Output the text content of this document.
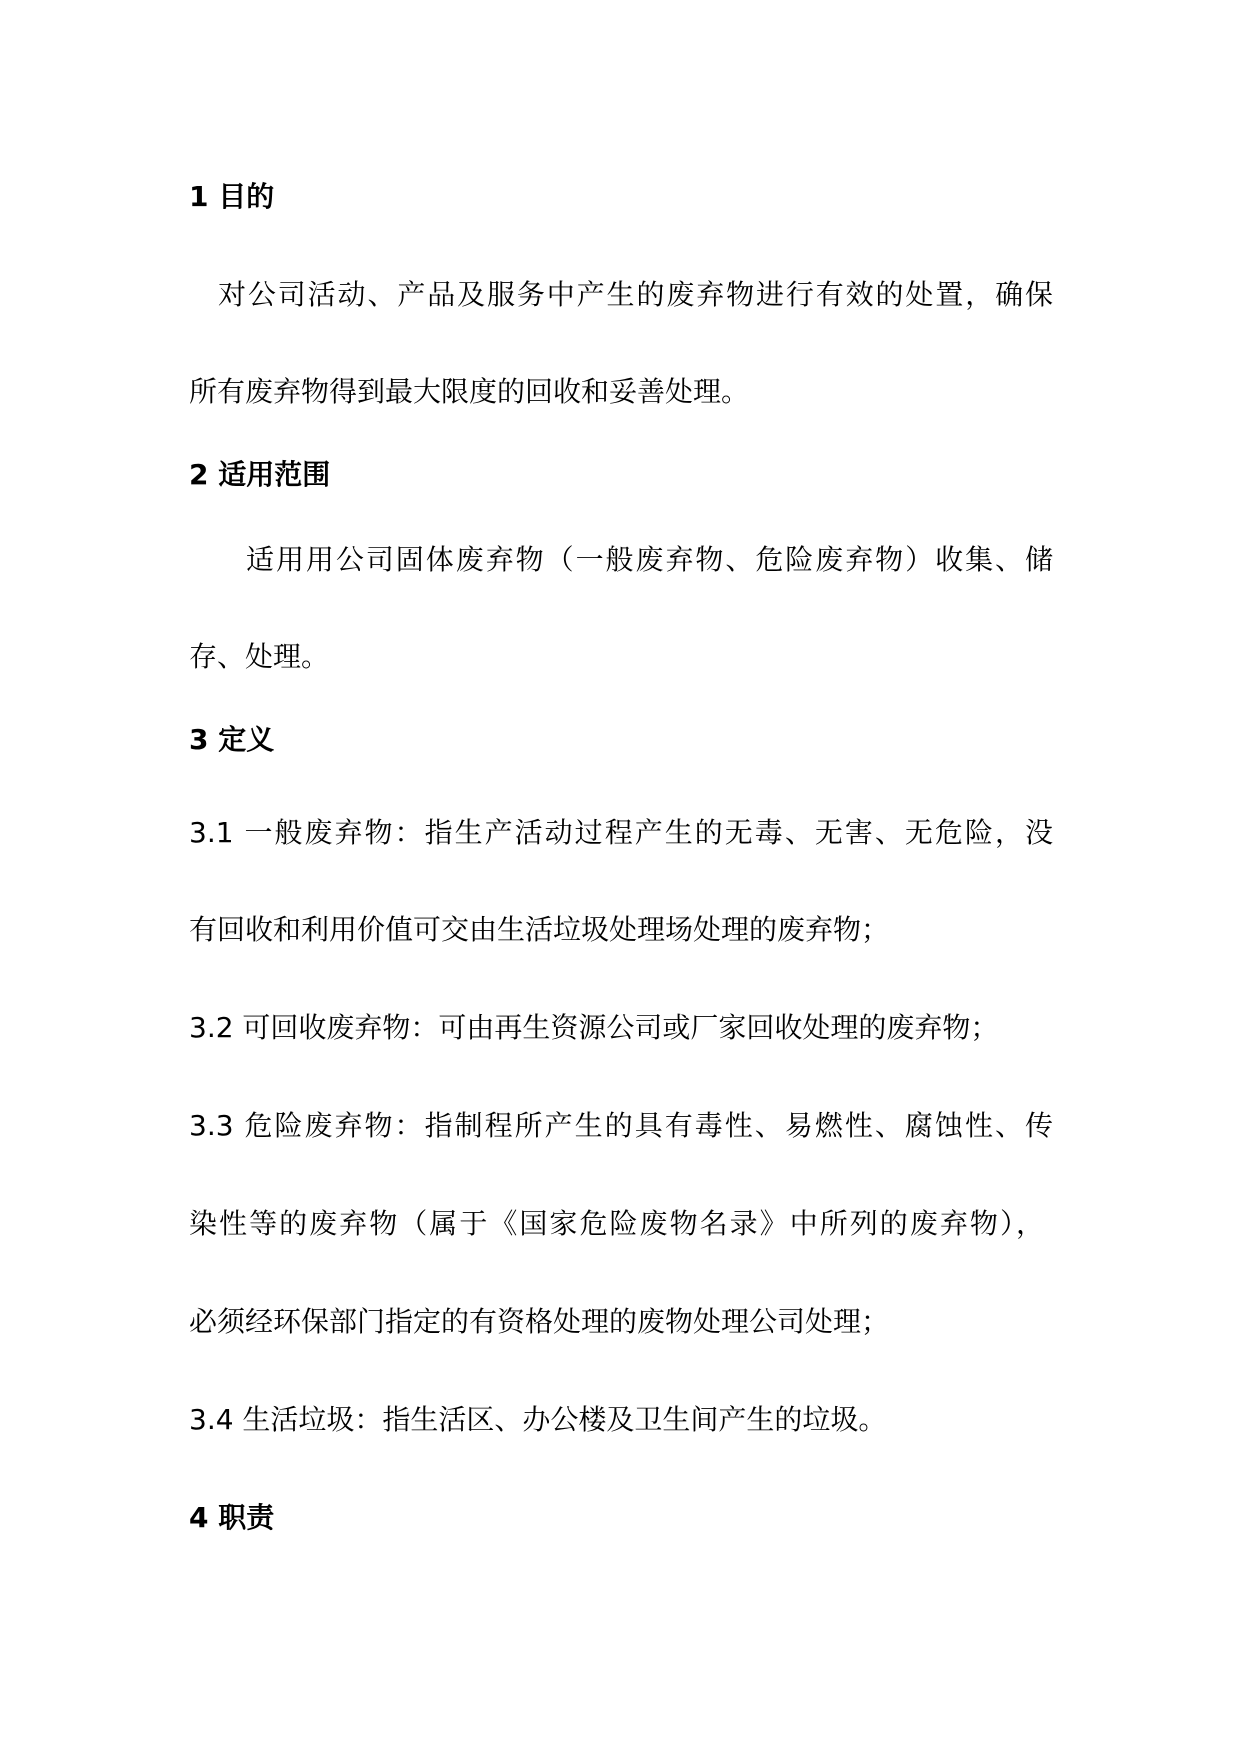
1 目的
对公司活动、产品及服务中产生的废弃物进行有效的处置，确保
所有废弃物得到最大限度的回收和妥善处理。
2 适用范围
适用用公司固体废弃物（一般废弃物、危险废弃物）收集、储
存、处理。
3 定义
3.1 一般废弃物：指生产活动过程产生的无毒、无害、无危险，没
有回收和利用价值可交由生活垃圾处理场处理的废弃物；
3.2 可回收废弃物：可由再生资源公司或厂家回收处理的废弃物；
3.3 危险废弃物：指制程所产生的具有毒性、易燃性、腐蚀性、传
染性等的废弃物（属于《国家危险废物名录》中所列的废弃物），
必须经环保部门指定的有资格处理的废物处理公司处理；
3.4 生活垃圾：指生活区、办公楼及卫生间产生的垃圾。
4 职责
